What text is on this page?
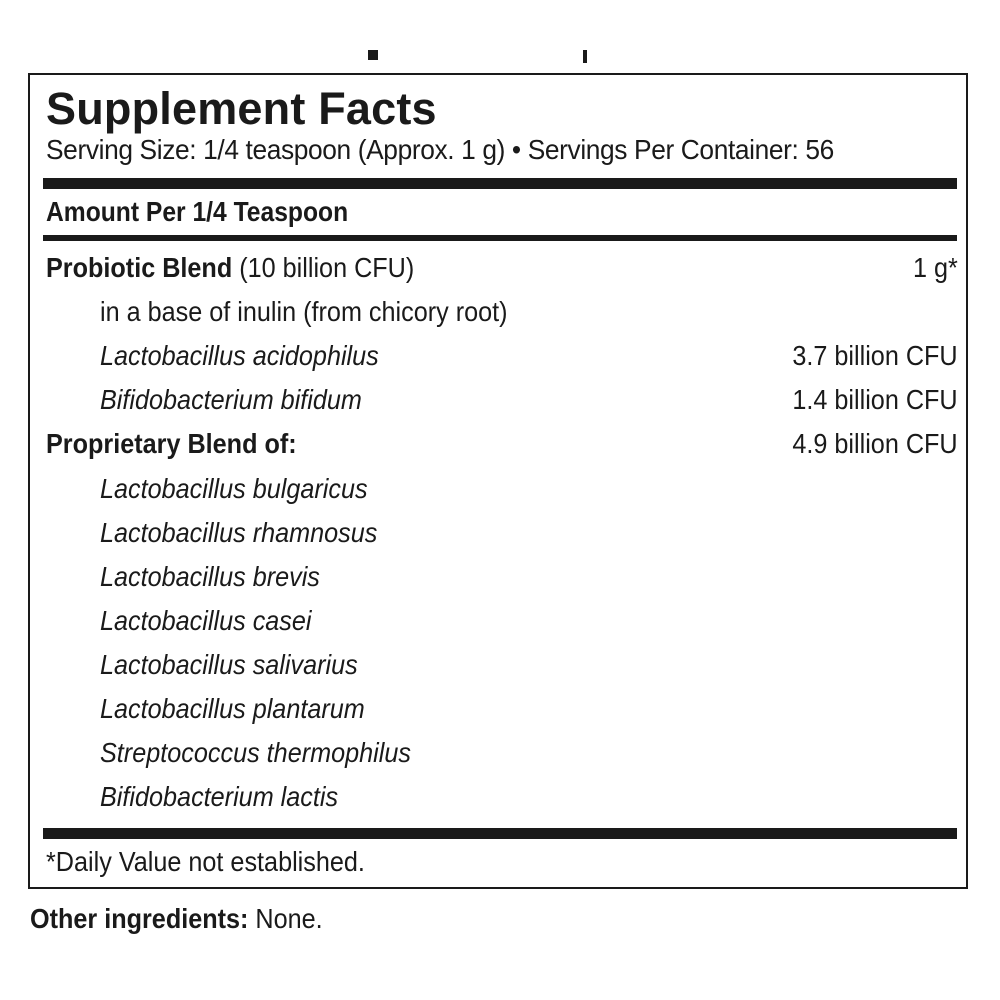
Supplement Facts
Serving Size: 1/4 teaspoon (Approx. 1 g) • Servings Per Container: 56
Amount Per 1/4 Teaspoon
Probiotic Blend (10 billion CFU)	1 g*
in a base of inulin (from chicory root)
Lactobacillus acidophilus	3.7 billion CFU
Bifidobacterium bifidum	1.4 billion CFU
Proprietary Blend of:	4.9 billion CFU
Lactobacillus bulgaricus
Lactobacillus rhamnosus
Lactobacillus brevis
Lactobacillus casei
Lactobacillus salivarius
Lactobacillus plantarum
Streptococcus thermophilus
Bifidobacterium lactis
*Daily Value not established.
Other ingredients: None.
